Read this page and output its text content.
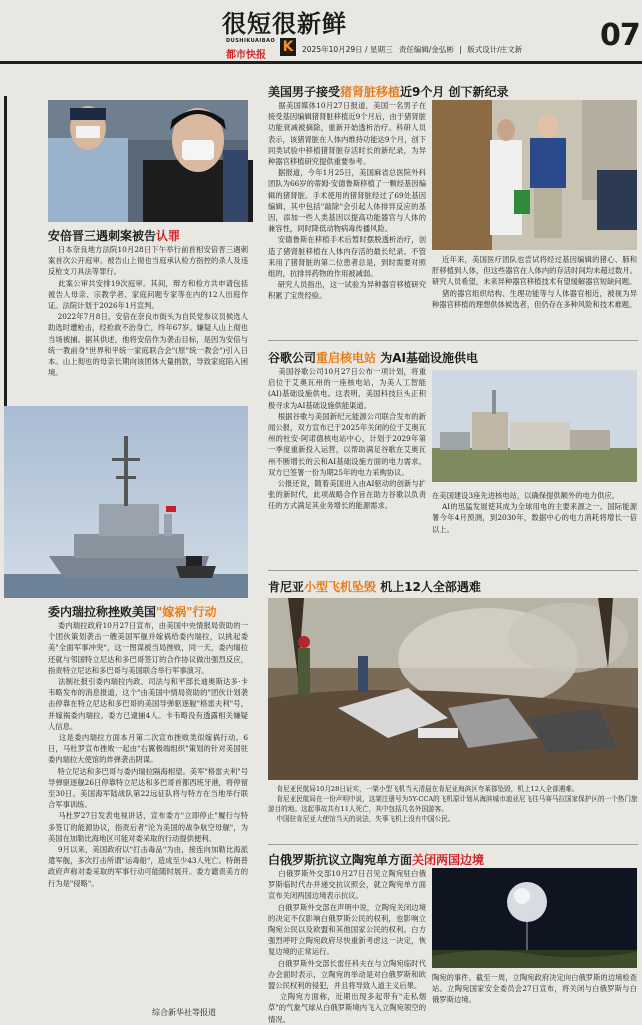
很短很新鲜
DUSHIKUAIBAO
都市快报
K	2025年10月29日 / 星期三 责任编辑/金弘彬 | 版式设计/庄文新	07
安倍晋三遇刺案被告认罪
日本奈良地方法院10月28日下午举行前首相安倍晋三遇刺案首次公开庭审。被告山上彻也当庭承认检方指控的杀人及违反枪支刀具法等罪行。
此案公审共安排19次庭审。其间，辩方和检方共申请包括被告人母亲、宗教学者、家庭问题专家等在内的12人出庭作证。法院计划于2026年1月宣判。
2022年7月8日，安倍在奈良市街头为自民党参议员候选人助选时遭枪击，经抢救不治身亡，终年67岁。嫌疑人山上彻也当场被捕。据其供述，他将安倍作为袭击目标，是因为安倍与统一教前身"世界和平统一家庭联合会"(原"统一教会")引入日本。山上彻也的母亲长期向该团体大量捐款，导致家庭陷入困境。
委内瑞拉称挫败美国"嫁祸"行动
委内瑞拉政府10月27日宣布，由美国中央情报局资助的一个团伙策划袭击一艘美国军舰并嫁祸给委内瑞拉，以挑起委美"全面军事冲突"，这一图谋被当局挫败，同一天，委内瑞拉还就与邻国特立尼达和多巴哥签订的合作协议做出强烈反应，指责特立尼达和多巴哥与美国联合举行军事演习。
法制社报引委内瑞拉内政、司法与和平部长迪奥斯达多·卡韦略发布的消息报道，这个"由美国中情局资助的"团伙计划袭击停靠在特立尼达和多巴哥的美国导弹驱逐舰"格雷夫利"号，并嫁祸委内瑞拉。委方已逮捕4人。卡韦略没有透露相关嫌疑人信息。
这是委内瑞拉方面本月第二次宣布挫败类似嫁祸行动。6日，马杜罗宣布挫败一起由"右翼极端组织"策划的针对美国驻委内瑞拉大使馆的炸弹袭击阴谋。
特立尼达和多巴哥与委内瑞拉隔海相望。美军"格雷夫利"号导弹驱逐舰26日停靠特立尼达和多巴哥首都西班牙港，将停留至30日。美国海军陆战队第22远征队将与特方在当地举行联合军事训练。
马杜罗27日发表电视讲话，宣布委方"立即停止"履行与特多签订的能源协议，指责后者"沦为美国的战争航空母舰"，为美国在加勒比海地区可能对委采取的行动提供便利。
9月以来，美国政府以"打击毒品"为由，接连向加勒比海派遣军舰，多次打击所谓"运毒船"，造成至少43人死亡。特朗普政府声称对委采取的军事行动可能随时展开。委方谴责美方的行为是"侵略"。
美国男子接受猪肾脏移植近9个月 创下新纪录
据美国媒体10月27日报道，美国一名男子在接受基因编辑猪肾脏移植近9个月后，由于猪肾脏功能衰减被摘除，重新开始透析治疗。科研人员表示，该猪肾脏在人体内维持功能达9个月，创下同类试验中移植猪肾脏存活时长的新纪录，为异种器官移植研究提供重要参考。
据报道，今年1月25日，美国麻省总医院外科团队为66岁的蒂姆·安德鲁斯移植了一颗经基因编辑的猪肾脏。手术使用的猪肾脏经过了69处基因编辑，其中包括"敲除"会引起人体排异反应的基因，添加一些人类基因以提高功能器官与人体的兼容性，同时降低动物病毒传播风险。
安德鲁斯在移植手术后暂时摆脱透析治疗，创造了猪肾脏移植在人体内存活的最长纪录。不管来用了猪肾脏的第二位患者总是，到时需要对照组的，抗排异药物的作用被减弱。
研究人员指出，这一试验为异种器官移植研究积累了宝贵经验。
近年来，美国医疗团队也尝试将经过基因编辑的猪心、肺和肝移植到人体，但这些器官在人体内的存活时间均未超过数月。研究人员希望，未来异种器官移植技术有望缓解器官短缺问题。
猪的器官组织结构、生理功能等与人体器官相近，被视为异种器官移植的理想供体候选者，但仍存在多种风险和技术难题。
谷歌公司重启核电站 为AI基础设施供电
美国谷歌公司10月27日公布一项计划，将重启位于艾奥瓦州的一座核电站，为美人工智能(AI)基础设施供电。这表明，美国科技巨头正积极寻求为AI基础设施供能渠道。
根据谷歌与美国新纪元能源公司联合发布的新闻公报，双方宣布已于2025年关闭的位于艾奥瓦州的杜安·阿诺德核电站中心，计划于2029年第一季度重新投入运营，以帮助满足谷歌在艾奥瓦州不断增长的云和AI基础设施方面的电力需求。双方已签署一份为期25年的电力采购协议。
公报还说，随着美国进入由AI驱动的创新与扩张的新时代，此项战略合作旨在助力谷歌以负责任的方式满足其业务增长的能源需求。
在美国建设3座先进核电站，以确保提供额外的电力供应。
AI的迅猛发展使其成为全球用电的主要来源之一。国际能源署今年4月预测，到2030年，数据中心的电力消耗将增长一倍以上。
肯尼亚小型飞机坠毁 机上12人全部遇难
肯尼亚民航局10月28日证实，一架小型飞机当天清晨在肯尼亚海滨区夸莱郡坠毁，机上12人全部遇难。
肯尼亚民航局在一份声明中说，这架注册号为5Y-CCA的飞机原计划从海滨城市迪亚尼飞往马赛马拉国家保护区的一个热门旅游目的地。这起事故共有11人死亡，其中包括几名外国游客。
中国驻肯尼亚大使馆当天的说法，失事飞机上没有中国公民。
白俄罗斯抗议立陶宛单方面关闭两国边境
白俄罗斯外交部10月27日召见立陶宛驻白俄罗斯临时代办并递交抗议照会，就立陶宛单方面宣布关闭两国边境表示抗议。
白俄罗斯外交部在声明中说，立陶宛关闭边境的决定不仅影响白俄罗斯公民的权利，也影响立陶宛公民以及欧盟和其他国家公民的权利。白方强烈呼吁立陶宛政府尽快重新考虑这一决定，恢复边境的正常运行。
白俄罗斯外交部长雷任科夫在与立陶宛临时代办会面时表示，立陶宛的举动是对白俄罗斯和欧盟公民权利的侵犯，并且将导致人道主义后果。
立陶宛方面称，近期出现多起带有"走私烟草"的气象气球从白俄罗斯境内飞入立陶宛领空的情况。
陶宛的事件。截至一周，立陶宛政府决定向白俄罗斯的边境检查站。立陶宛国家安全委员会27日宣布，将关闭与白俄罗斯与白俄罗斯边境。
综合新华社等报道
